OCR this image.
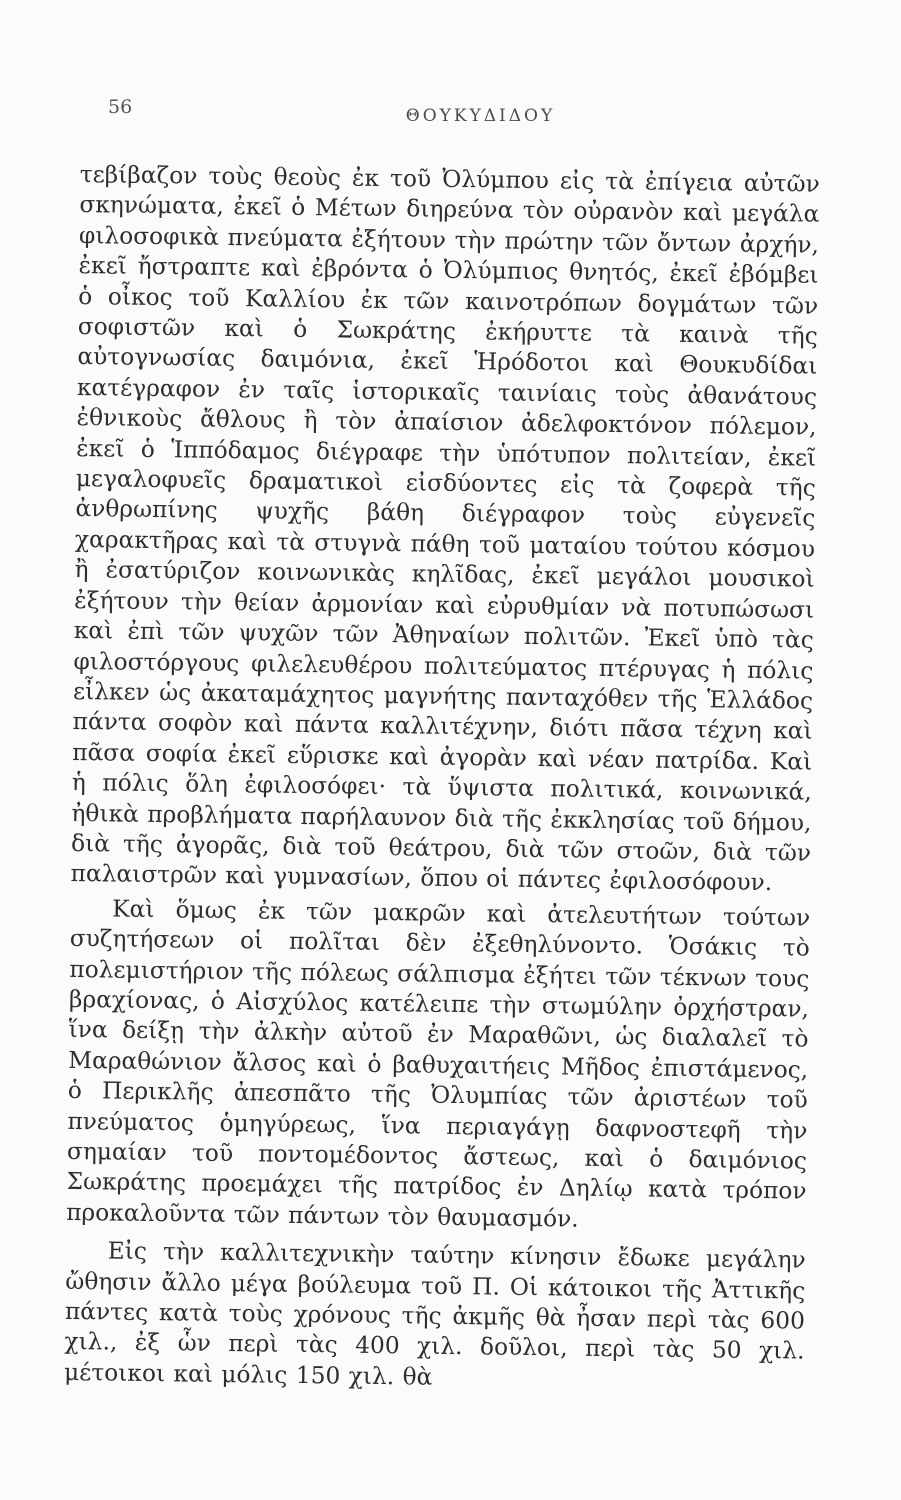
56	ΘΟΥΚΥΔΙΔΟΥ

τεβίβαζον τοὺς θεοὺς ἐκ τοῦ Ὀλύμπου εἰς τὰ ἐπίγεια αὐτῶν σκηνώματα, ἐκεῖ ὁ Μέτων διηρεύνα τὸν οὐρανὸν καὶ μεγάλα φιλοσοφικὰ πνεύματα ἐξήτουν τὴν πρώτην τῶν ὄντων ἀρχήν, ἐκεῖ ἤστραπτε καὶ ἐβρόντα ὁ Ὀλύμπιος θνητός, ἐκεῖ ἐβόμβει ὁ οἶκος τοῦ Καλλίου ἐκ τῶν καινοτρόπων δογμάτων τῶν σοφιστῶν καὶ ὁ Σωκράτης ἐκήρυττε τὰ καινὰ τῆς αὐτογνωσίας δαιμόνια, ἐκεῖ Ἡρόδοτοι καὶ Θουκυδίδαι κατέγραφον ἐν ταῖς ἱστορικαῖς ταινίαις τοὺς ἀθανάτους ἐθνικοὺς ἄθλους ἢ τὸν ἀπαίσιον ἀδελφοκτόνον πόλεμον, ἐκεῖ ὁ Ἱππόδαμος διέγραφε τὴν ὑπότυπον πολιτείαν, ἐκεῖ μεγαλοφυεῖς δραματικοὶ εἰσδύοντες εἰς τὰ ζοφερὰ τῆς ἀνθρωπίνης ψυχῆς βάθη διέγραφον τοὺς εὐγενεῖς χαρακτῆρας καὶ τὰ στυγνὰ πάθη τοῦ ματαίου τούτου κόσμου ἢ ἐσατύριζον κοινωνικὰς κηλῖδας, ἐκεῖ μεγάλοι μουσικοὶ ἐξήτουν τὴν θείαν ἁρμονίαν καὶ εὐρυθμίαν νὰ ποτυπώσωσι καὶ ἐπὶ τῶν ψυχῶν τῶν Ἀθηναίων πολιτῶν. Ἐκεῖ ὑπὸ τὰς φιλοστόργους φιλελευθέρου πολιτεύματος πτέρυγας ἡ πόλις εἶλκεν ὡς ἀκαταμάχητος μαγνήτης πανταχόθεν τῆς Ἑλλάδος πάντα σοφὸν καὶ πάντα καλλιτέχνην, διότι πᾶσα τέχνη καὶ πᾶσα σοφία ἐκεῖ εὕρισκε καὶ ἀγορὰν καὶ νέαν πατρίδα. Καὶ ἡ πόλις ὅλη ἐφιλοσόφει· τὰ ὕψιστα πολιτικά, κοινωνικά, ἠθικὰ προβλήματα παρήλαυνον διὰ τῆς ἐκκλησίας τοῦ δήμου, διὰ τῆς ἀγορᾶς, διὰ τοῦ θεάτρου, διὰ τῶν στοῶν, διὰ τῶν παλαιστρῶν καὶ γυμνασίων, ὅπου οἱ πάντες ἐφιλοσόφουν.

Καὶ ὅμως ἐκ τῶν μακρῶν καὶ ἀτελευτήτων τούτων συζητήσεων οἱ πολῖται δὲν ἐξεθηλύνοντο. Ὁσάκις τὸ πολεμιστήριον τῆς πόλεως σάλπισμα ἐξήτει τῶν τέκνων τους βραχίονας, ὁ Αἰσχύλος κατέλειπε τὴν στωμύλην ὀρχήστραν, ἵνα δείξῃ τὴν ἀλκὴν αὐτοῦ ἐν Μαραθῶνι, ὡς διαλαλεῖ τὸ Μαραθώνιον ἄλσος καὶ ὁ βαθυχαιτήεις Μῆδος ἐπιστάμενος, ὁ Περικλῆς ἀπεσπᾶτο τῆς Ὀλυμπίας τῶν ἀριστέων τοῦ πνεύματος ὁμηγύρεως, ἵνα περιαγάγῃ δαφνοστεφῆ τὴν σημαίαν τοῦ ποντομέδοντος ἄστεως, καὶ ὁ δαιμόνιος Σωκράτης προεμάχει τῆς πατρίδος ἐν Δηλίῳ κατὰ τρόπον προκαλοῦντα τῶν πάντων τὸν θαυμασμόν.

Εἰς τὴν καλλιτεχνικὴν ταύτην κίνησιν ἔδωκε μεγάλην ὤθησιν ἄλλο μέγα βούλευμα τοῦ Π. Οἱ κάτοικοι τῆς Ἀττικῆς πάντες κατὰ τοὺς χρόνους τῆς ἀκμῆς θὰ ἦσαν περὶ τὰς 600 χιλ., ἐξ ὧν περὶ τὰς 400 χιλ. δοῦλοι, περὶ τὰς 50 χιλ. μέτοικοι καὶ μόλις 150 χιλ. θὰ
